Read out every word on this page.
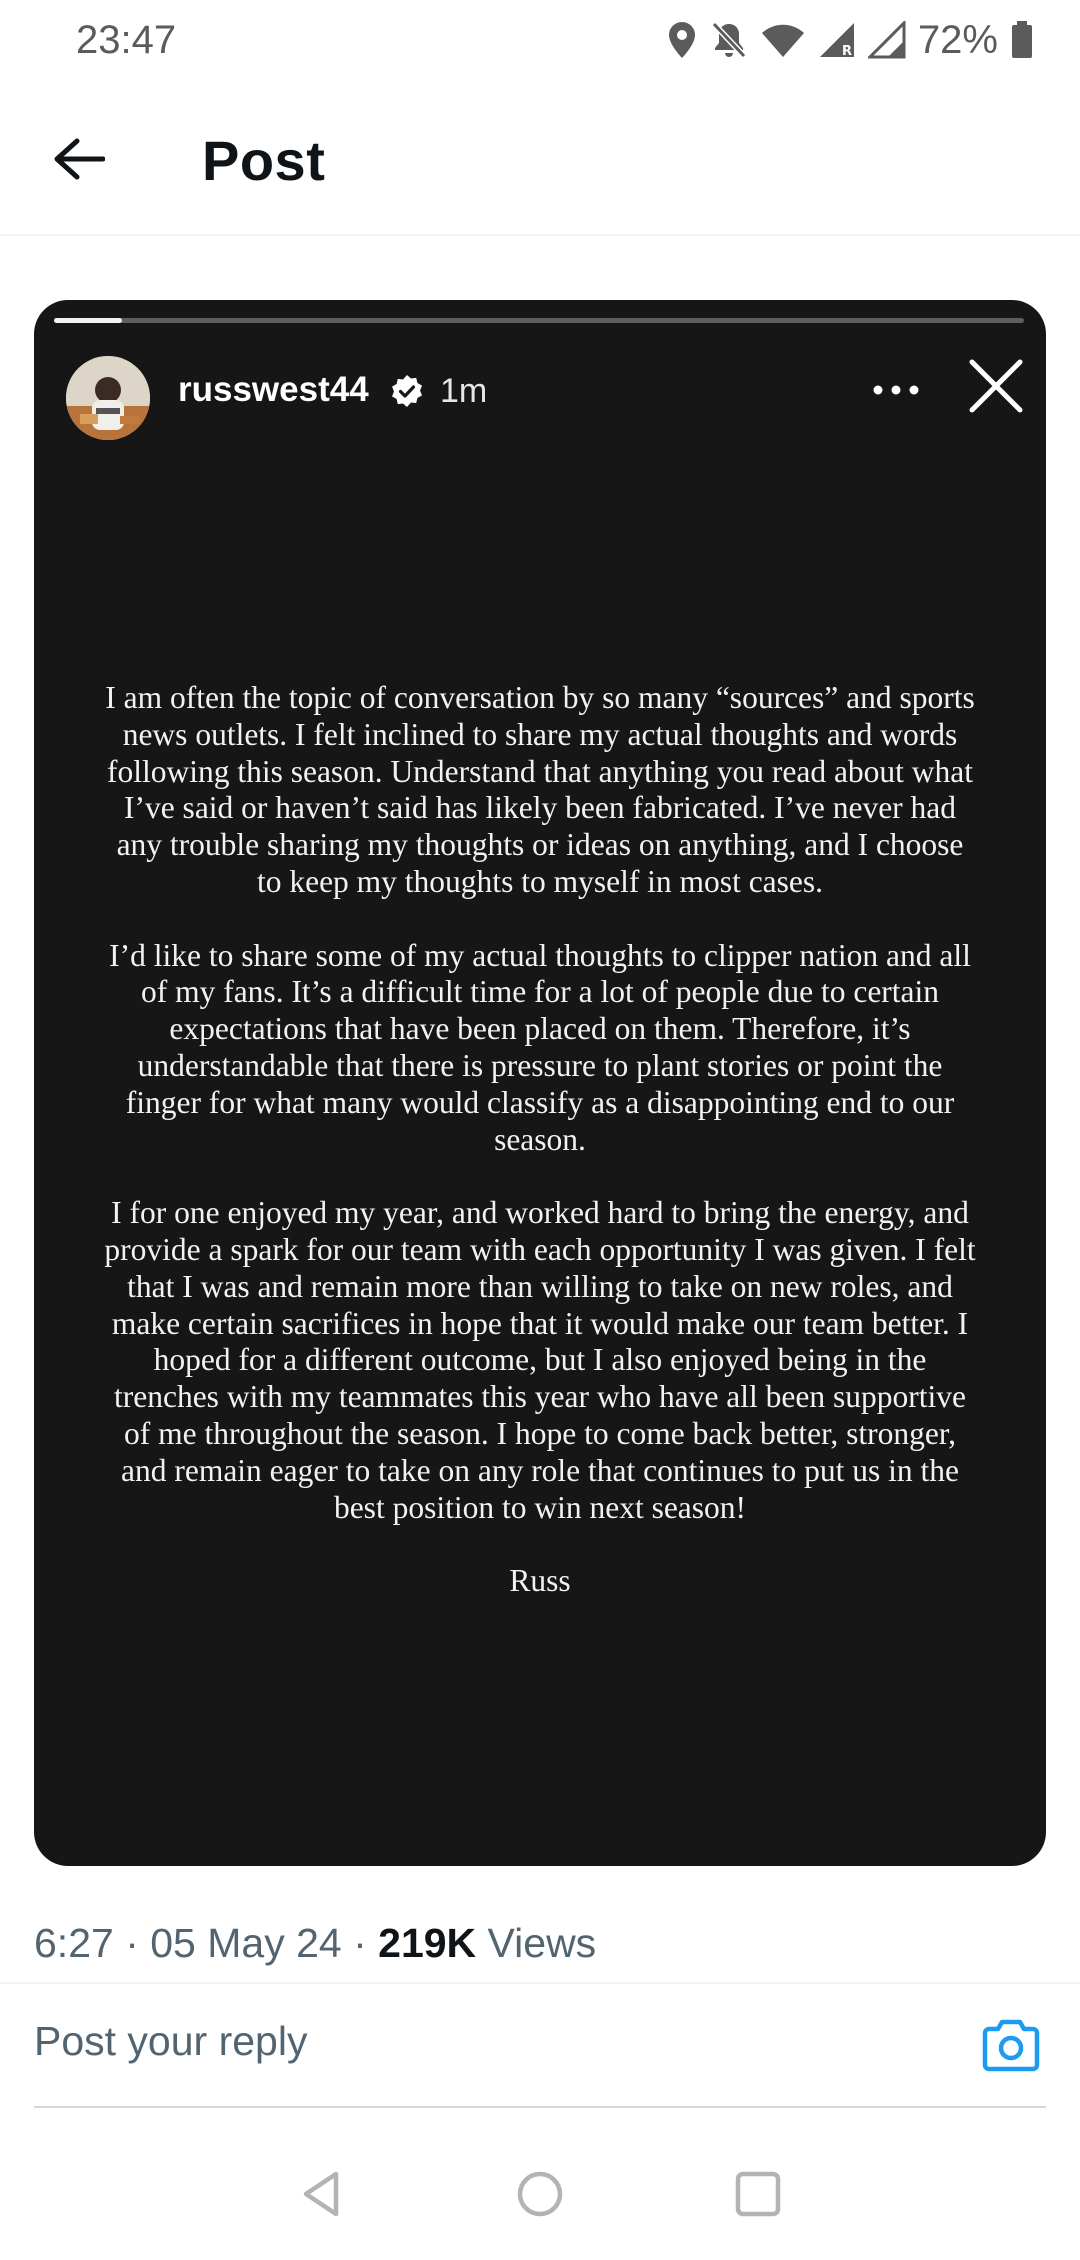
23:47	R 72%
Post
russwest44 1m

I am often the topic of conversation by so many “sources” and sports news outlets. I felt inclined to share my actual thoughts and words following this season. Understand that anything you read about what I’ve said or haven’t said has likely been fabricated. I’ve never had any trouble sharing my thoughts or ideas on anything, and I choose to keep my thoughts to myself in most cases.

I’d like to share some of my actual thoughts to clipper nation and all of my fans. It’s a difficult time for a lot of people due to certain expectations that have been placed on them. Therefore, it’s understandable that there is pressure to plant stories or point the finger for what many would classify as a disappointing end to our season.

I for one enjoyed my year, and worked hard to bring the energy, and provide a spark for our team with each opportunity I was given. I felt that I was and remain more than willing to take on new roles, and make certain sacrifices in hope that it would make our team better. I hoped for a different outcome, but I also enjoyed being in the trenches with my teammates this year who have all been supportive of me throughout the season. I hope to come back better, stronger, and remain eager to take on any role that continues to put us in the best position to win next season!

Russ

6:27 · 05 May 24 · 219K Views
Post your reply
